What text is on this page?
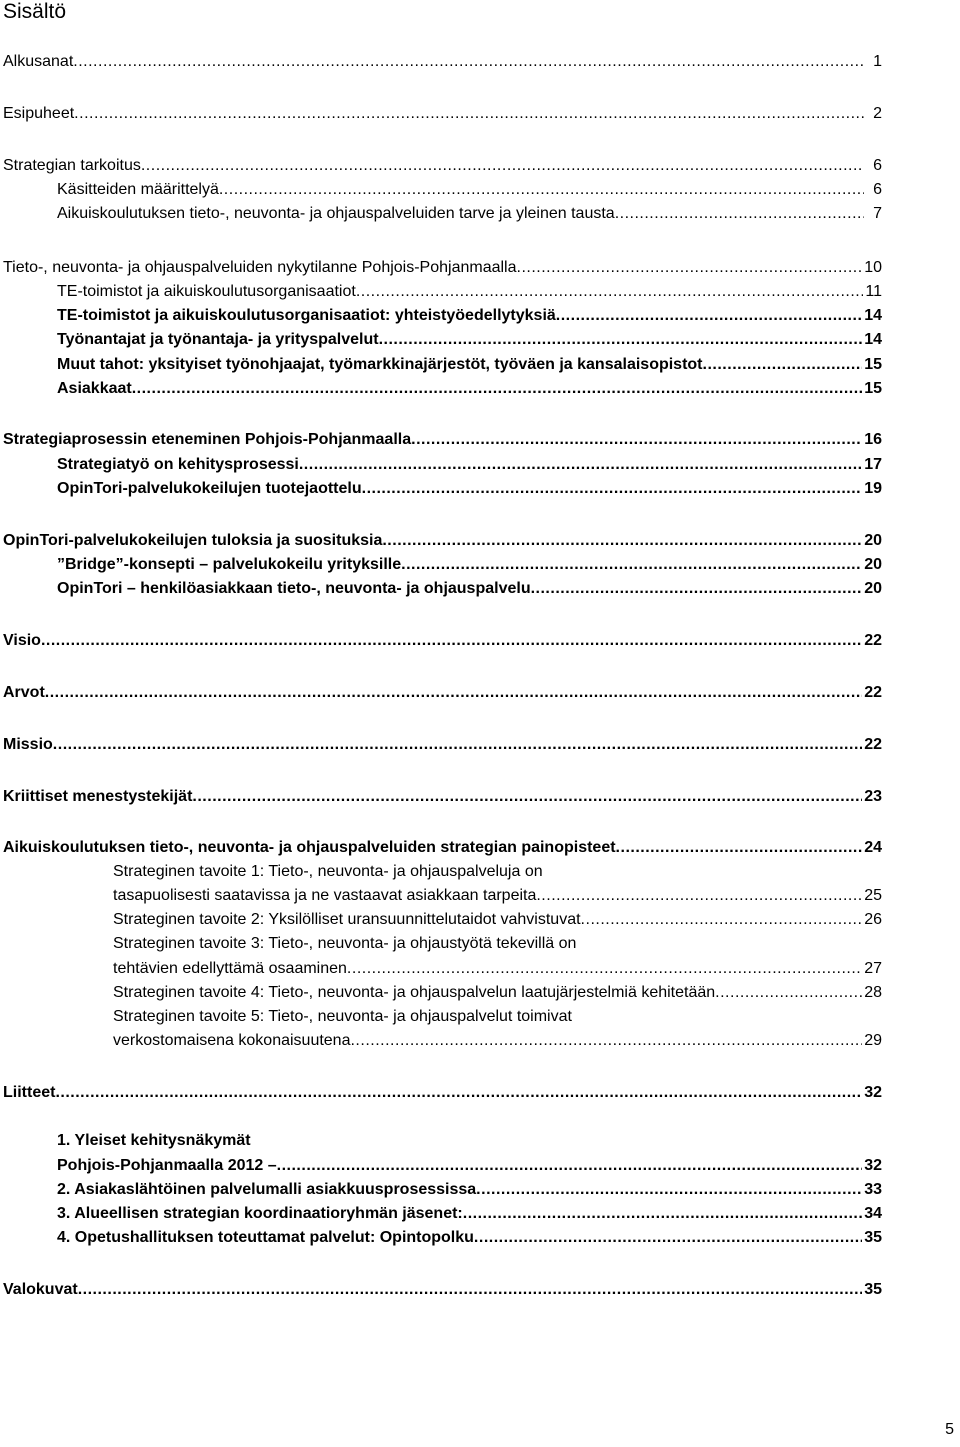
Sisältö
Alkusanat .....	1
Esipuheet .....	2
Strategian tarkoitus .....	6
Käsitteiden määrittelyä .....	6
Aikuiskoulutuksen tieto-, neuvonta- ja ohjauspalveluiden tarve ja yleinen tausta .....	7
Tieto-, neuvonta- ja ohjauspalveluiden nykytilanne Pohjois-Pohjanmaalla .....	10
TE-toimistot ja aikuiskoulutusorganisaatiot .....	11
TE-toimistot ja aikuiskoulutusorganisaatiot: yhteistyöedellytyksiä .....	14
Työnantajat ja työnantaja- ja yrityspalvelut .....	14
Muut tahot: yksityiset työnohjaajat, työmarkkinajärjestöt, työväen ja kansalaisopistot .....	15
Asiakkaat .....	15
Strategiaprosessin eteneminen Pohjois-Pohjanmaalla .....	16
Strategiatyö on kehitysprosessi .....	17
OpinTori-palvelukokeilujen tuotejaottelu .....	19
OpinTori-palvelukokeilujen tuloksia ja suosituksia .....	20
”Bridge”-konsepti – palvelukokeilu yrityksille .....	20
OpinTori – henkilöasiakkaan tieto-, neuvonta- ja ohjauspalvelu .....	20
Visio .....	22
Arvot .....	22
Missio .....	22
Kriittiset menestystekijät .....	23
Aikuiskoulutuksen tieto-, neuvonta- ja ohjauspalveluiden strategian painopisteet .....	24
Strateginen tavoite 1: Tieto-, neuvonta- ja ohjauspalveluja on
tasapuolisesti saatavissa ja ne vastaavat asiakkaan tarpeita .....	25
Strateginen tavoite 2: Yksilölliset uransuunnittelutaidot vahvistuvat .....	26
Strateginen tavoite 3: Tieto-, neuvonta- ja ohjaustyötä tekevillä on
tehtävien edellyttämä osaaminen .....	27
Strateginen tavoite 4: Tieto-, neuvonta- ja ohjauspalvelun laatujärjestelmiä kehitetään .....	28
Strateginen tavoite 5: Tieto-, neuvonta- ja ohjauspalvelut toimivat
verkostomaisena kokonaisuutena .....	29
Liitteet .....	32
1. Yleiset kehitysnäkymät
Pohjois-Pohjanmaalla 2012 – .....	32
2. Asiakaslähtöinen palvelumalli asiakkuusprosessissa .....	33
3. Alueellisen strategian koordinaatioryhmän jäsenet: .....	34
4. Opetushallituksen toteuttamat palvelut: Opintopolku .....	35
Valokuvat .....	35
5
